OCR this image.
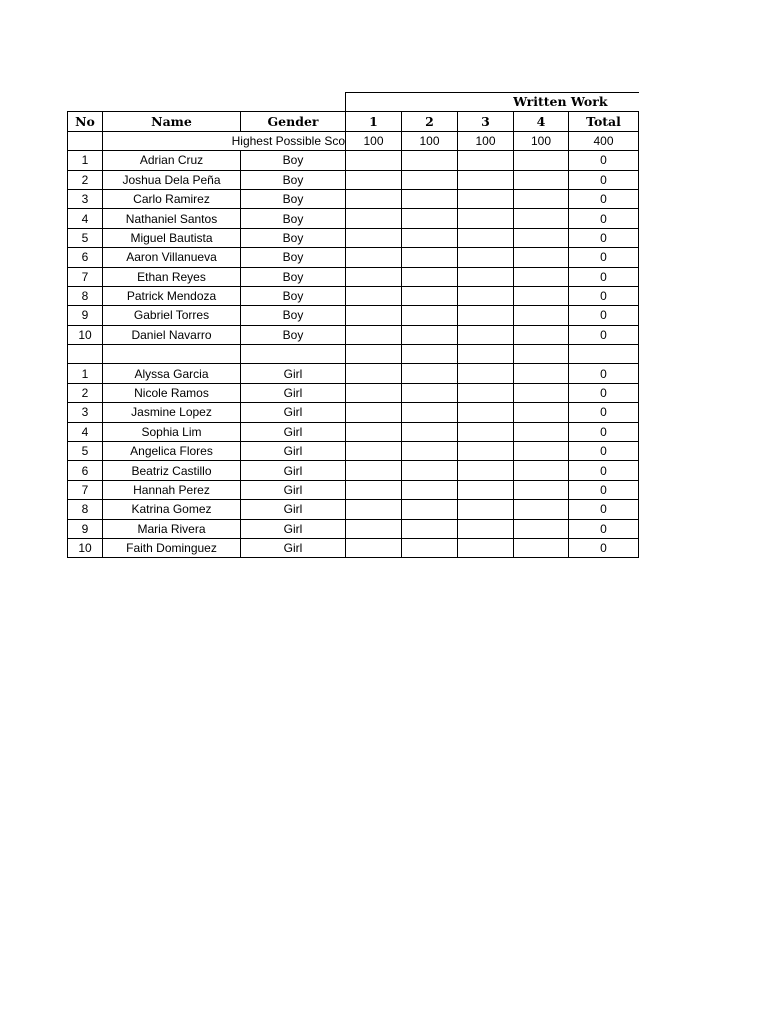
			Written Work				
No	Name	Gender	1	2	3	4	Total
	Highest Possible Sco		100	100	100	100	400
1	Adrian Cruz	Boy					0
2	Joshua Dela Peña	Boy					0
3	Carlo Ramirez	Boy					0
4	Nathaniel Santos	Boy					0
5	Miguel Bautista	Boy					0
6	Aaron Villanueva	Boy					0
7	Ethan Reyes	Boy					0
8	Patrick Mendoza	Boy					0
9	Gabriel Torres	Boy					0
10	Daniel Navarro	Boy					0

1	Alyssa Garcia	Girl					0
2	Nicole Ramos	Girl					0
3	Jasmine Lopez	Girl					0
4	Sophia Lim	Girl					0
5	Angelica Flores	Girl					0
6	Beatriz Castillo	Girl					0
7	Hannah Perez	Girl					0
8	Katrina Gomez	Girl					0
9	Maria Rivera	Girl					0
10	Faith Dominguez	Girl					0
